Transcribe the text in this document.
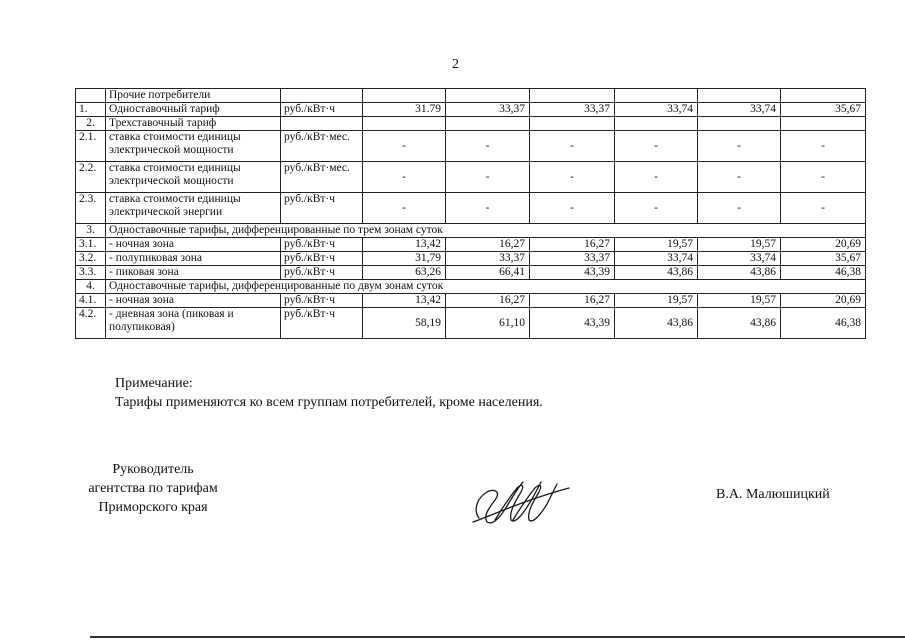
2
	Прочие потребители							
1.	Одноставочный тариф	руб./кВт·ч	31.79	33,37	33,37	33,74	33,74	35,67
2.	Трехставочный тариф							
2.1.	ставка стоимости единицы электрической мощности	руб./кВт·мес.	-	-	-	-	-	-
2.2.	ставка стоимости единицы электрической мощности	руб./кВт·мес.	-	-	-	-	-	-
2.3.	ставка стоимости единицы электрической энергии	руб./кВт·ч	-	-	-	-	-	-
3.	Одноставочные тарифы, дифференцированные по трем зонам суток							
3.1.	- ночная зона	руб./кВт·ч	13,42	16,27	16,27	19,57	19,57	20,69
3.2.	- полупиковая зона	руб./кВт·ч	31,79	33,37	33,37	33,74	33,74	35,67
3.3.	- пиковая зона	руб./кВт·ч	63,26	66,41	43,39	43,86	43,86	46,38
4.	Одноставочные тарифы, дифференцированные по двум зонам суток							
4.1.	- ночная зона	руб./кВт·ч	13,42	16,27	16,27	19,57	19,57	20,69
4.2.	- дневная зона (пиковая и полупиковая)	руб./кВт·ч	58,19	61,10	43,39	43,86	43,86	46,38
Примечание:
Тарифы применяются ко всем группам потребителей, кроме населения.
Руководитель
агентства по тарифам
Приморского края
В.А. Малюшицкий
